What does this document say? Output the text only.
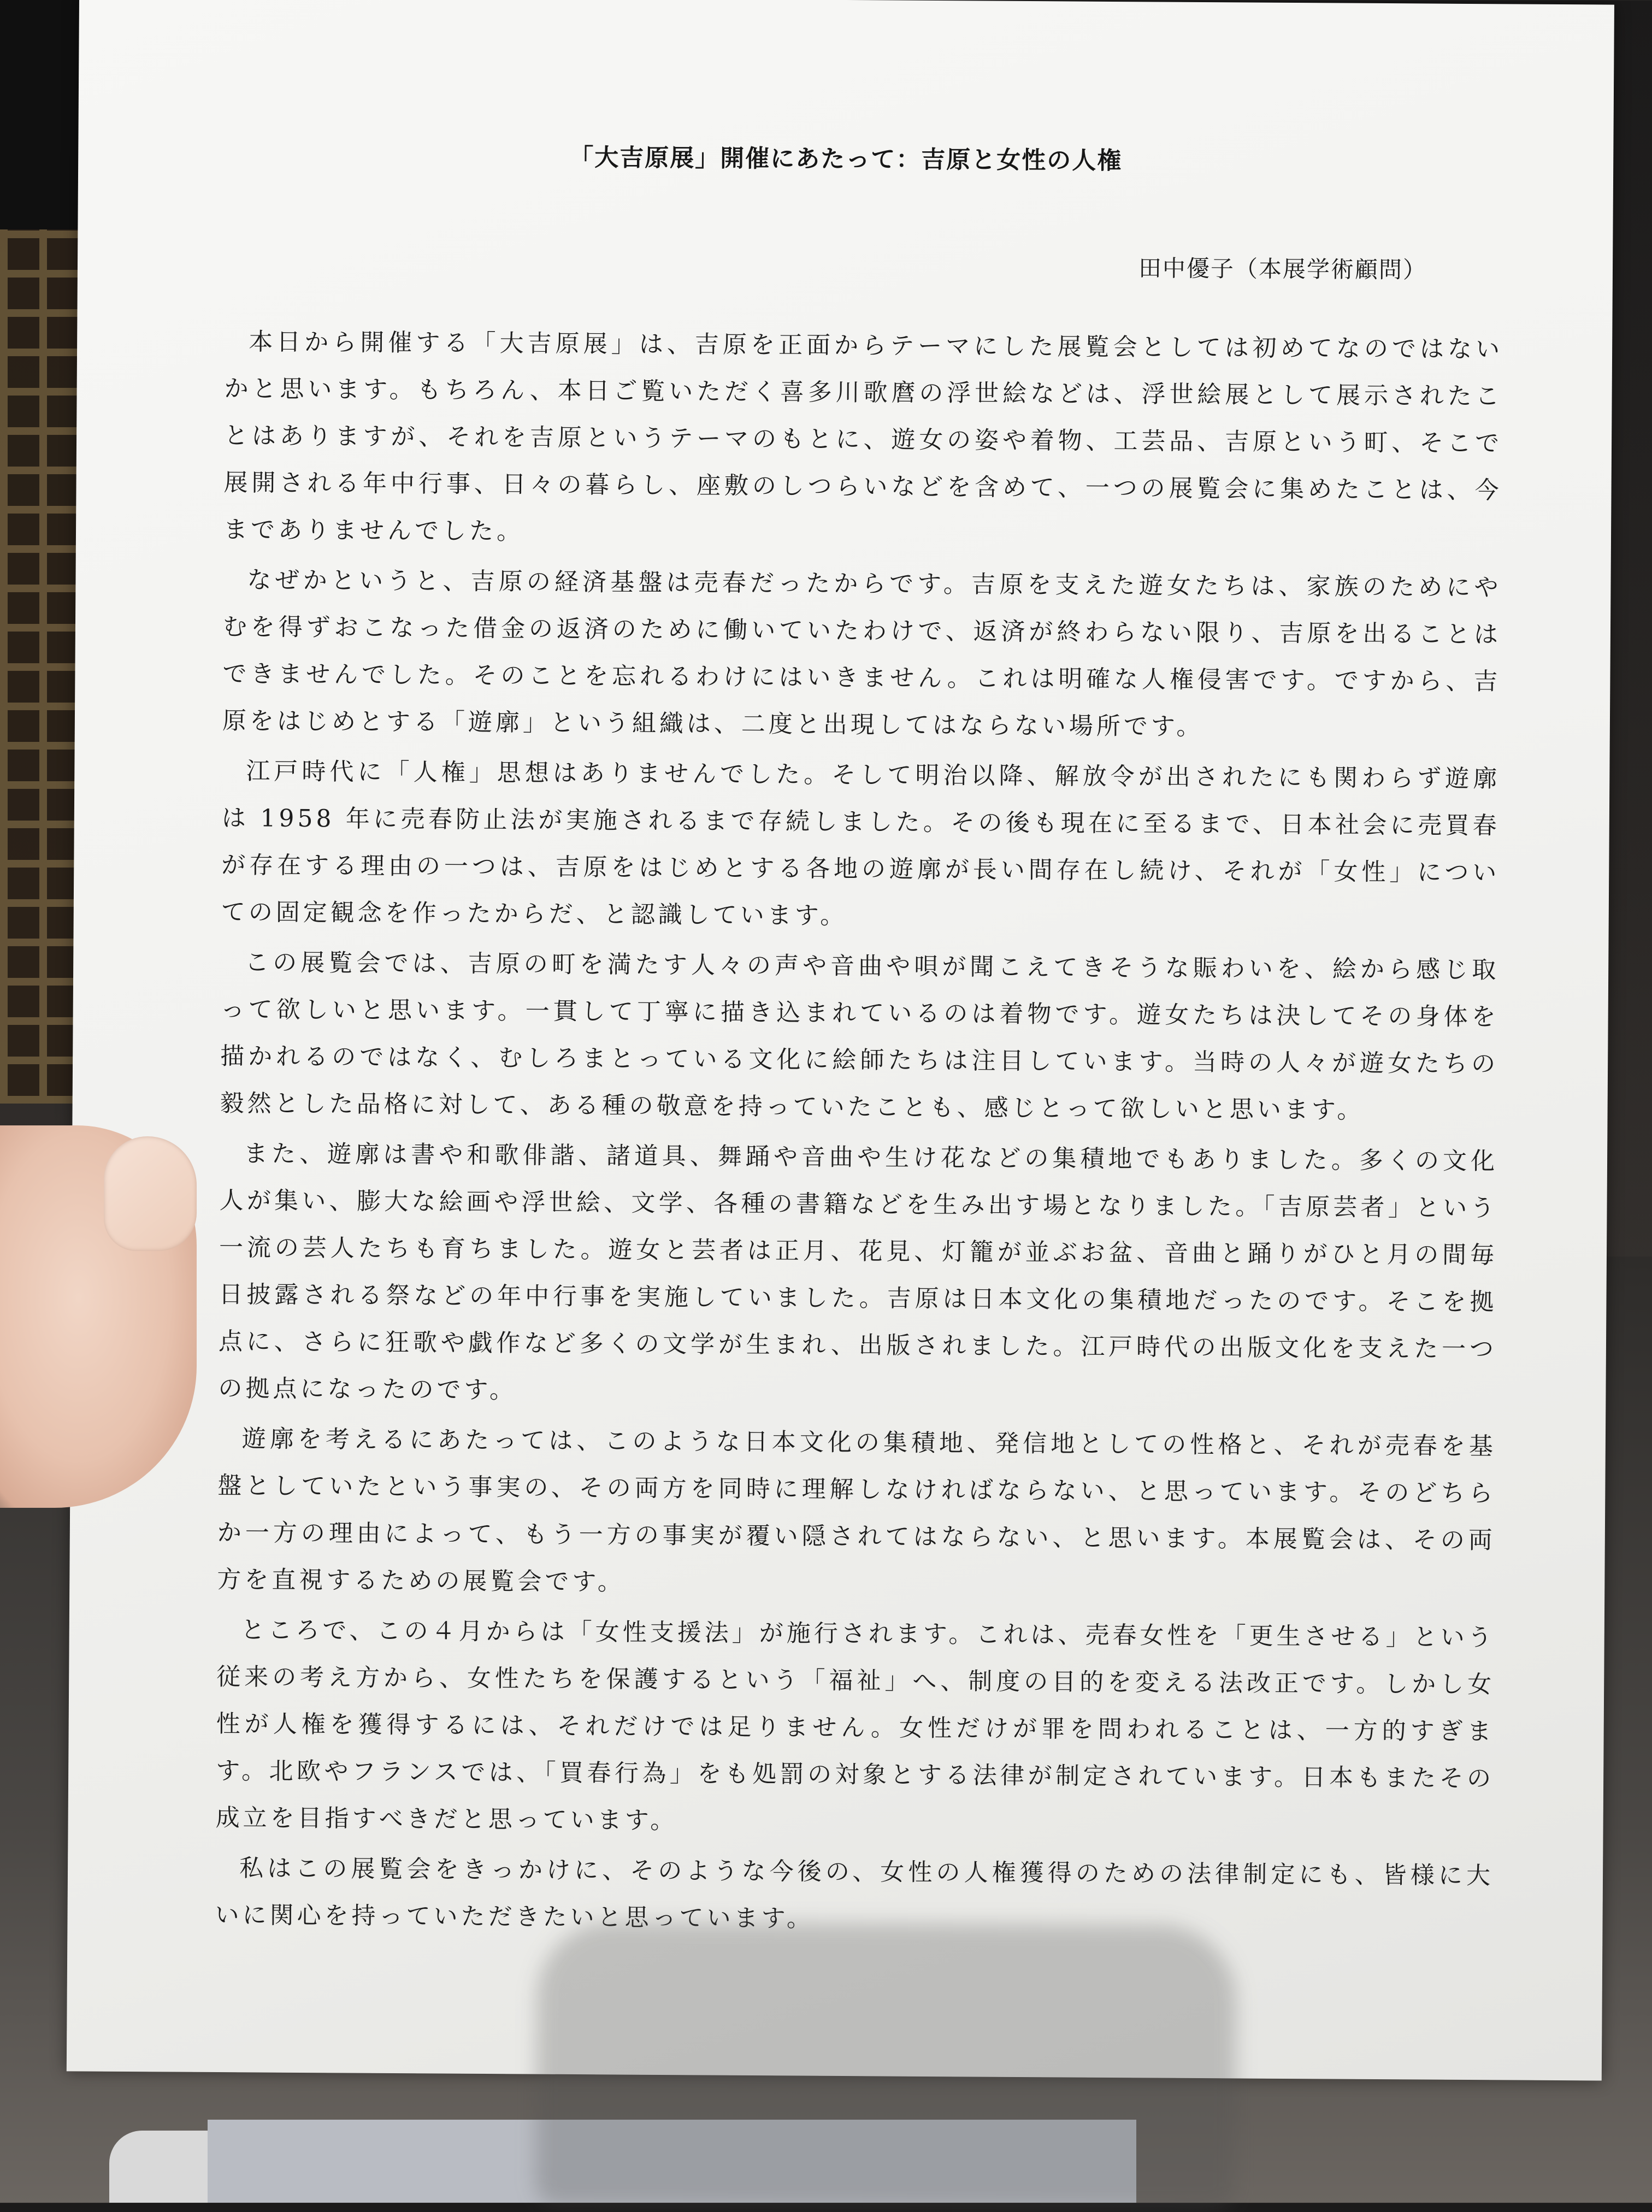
「大吉原展」開催にあたって：吉原と女性の人権
田中優子（本展学術顧問）

本日から開催する「大吉原展」は、吉原を正面からテーマにした展覧会としては初めてなのではないかと思います。もちろん、本日ご覧いただく喜多川歌麿の浮世絵などは、浮世絵展として展示されたことはありますが、それを吉原というテーマのもとに、遊女の姿や着物、工芸品、吉原という町、そこで展開される年中行事、日々の暮らし、座敷のしつらいなどを含めて、一つの展覧会に集めたことは、今までありませんでした。

なぜかというと、吉原の経済基盤は売春だったからです。吉原を支えた遊女たちは、家族のためにやむを得ずおこなった借金の返済のために働いていたわけで、返済が終わらない限り、吉原を出ることはできませんでした。そのことを忘れるわけにはいきません。これは明確な人権侵害です。ですから、吉原をはじめとする「遊廓」という組織は、二度と出現してはならない場所です。

江戸時代に「人権」思想はありませんでした。そして明治以降、解放令が出されたにも関わらず遊廓は 1958 年に売春防止法が実施されるまで存続しました。その後も現在に至るまで、日本社会に売買春が存在する理由の一つは、吉原をはじめとする各地の遊廓が長い間存在し続け、それが「女性」についての固定観念を作ったからだ、と認識しています。

この展覧会では、吉原の町を満たす人々の声や音曲や唄が聞こえてきそうな賑わいを、絵から感じ取って欲しいと思います。一貫して丁寧に描き込まれているのは着物です。遊女たちは決してその身体を描かれるのではなく、むしろまとっている文化に絵師たちは注目しています。当時の人々が遊女たちの毅然とした品格に対して、ある種の敬意を持っていたことも、感じとって欲しいと思います。

また、遊廓は書や和歌俳諧、諸道具、舞踊や音曲や生け花などの集積地でもありました。多くの文化人が集い、膨大な絵画や浮世絵、文学、各種の書籍などを生み出す場となりました。「吉原芸者」という一流の芸人たちも育ちました。遊女と芸者は正月、花見、灯籠が並ぶお盆、音曲と踊りがひと月の間毎日披露される祭などの年中行事を実施していました。吉原は日本文化の集積地だったのです。そこを拠点に、さらに狂歌や戯作など多くの文学が生まれ、出版されました。江戸時代の出版文化を支えた一つの拠点になったのです。

遊廓を考えるにあたっては、このような日本文化の集積地、発信地としての性格と、それが売春を基盤としていたという事実の、その両方を同時に理解しなければならない、と思っています。そのどちらか一方の理由によって、もう一方の事実が覆い隠されてはならない、と思います。本展覧会は、その両方を直視するための展覧会です。

ところで、この４月からは「女性支援法」が施行されます。これは、売春女性を「更生させる」という従来の考え方から、女性たちを保護するという「福祉」へ、制度の目的を変える法改正です。しかし女性が人権を獲得するには、それだけでは足りません。女性だけが罪を問われることは、一方的すぎます。北欧やフランスでは、「買春行為」をも処罰の対象とする法律が制定されています。日本もまたその成立を目指すべきだと思っています。

私はこの展覧会をきっかけに、そのような今後の、女性の人権獲得のための法律制定にも、皆様に大いに関心を持っていただきたいと思っています。
